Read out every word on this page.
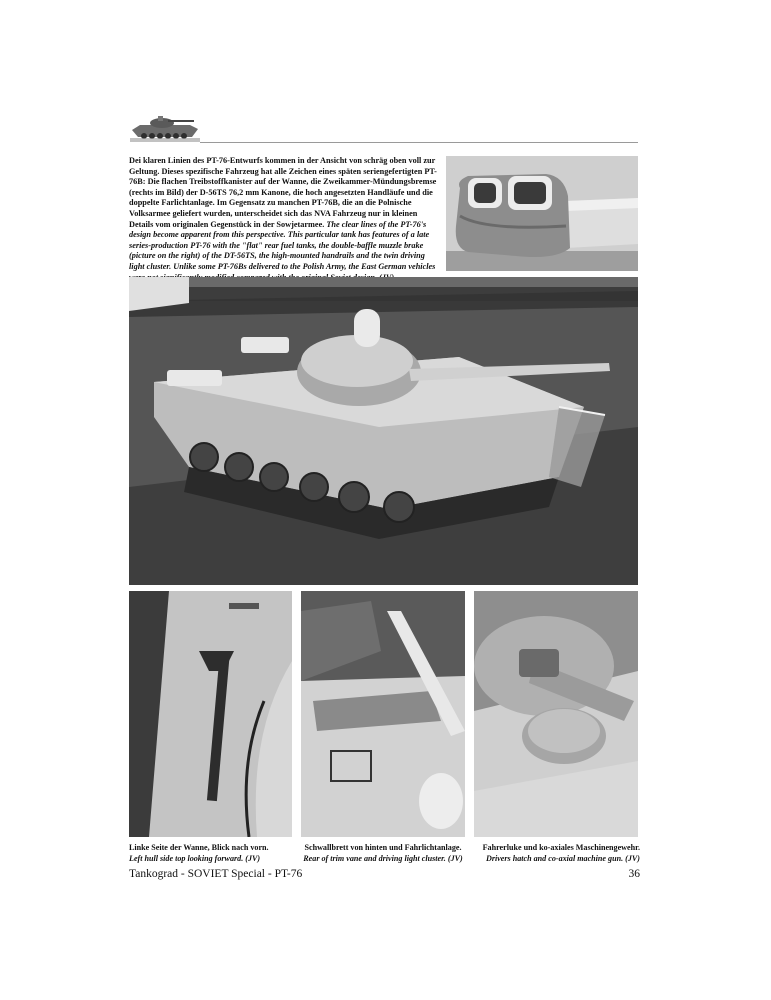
Dei klaren Linien des PT-76-Entwurfs kommen in der Ansicht von schräg oben voll zur Geltung. Dieses spezifische Fahrzeug hat alle Zeichen eines späten seriengefertigten PT-76B: Die flachen Treibstoffkanister auf der Wanne, die Zweikammer-Mündungsbremse (rechts im Bild) der D-56TS 76,2 mm Kanone, die hoch angesetzten Handläufe und die doppelte Farlichtanlage. Im Gegensatz zu manchen PT-76B, die an die Polnische Volksarmee geliefert wurden, unterscheidet sich das NVA Fahrzeug nur in kleinen Details vom originalen Gegenstück in der Sowjetarmee. The clear lines of the PT-76's design become apparent from this perspective. This particular tank has features of a late series-production PT-76 with the "flat" rear fuel tanks, the double-baffle muzzle brake (picture on the right) of the DT-56TS, the high-mounted handrails and the twin driving light cluster. Unlike some PT-76Bs delivered to the Polish Army, the East German vehicles
Linke Seite der Wanne, Blick nach vorn.
Left hull side top looking forward. (JV)
Schwallbrett von hinten und Fahrlichtanlage.
Rear of trim vane and driving light cluster. (JV)
Fahrerluke und ko-axiales Maschinengewehr.
Drivers hatch and co-axial machine gun. (JV)
Tankograd - SOVIET Special - PT-76	36
